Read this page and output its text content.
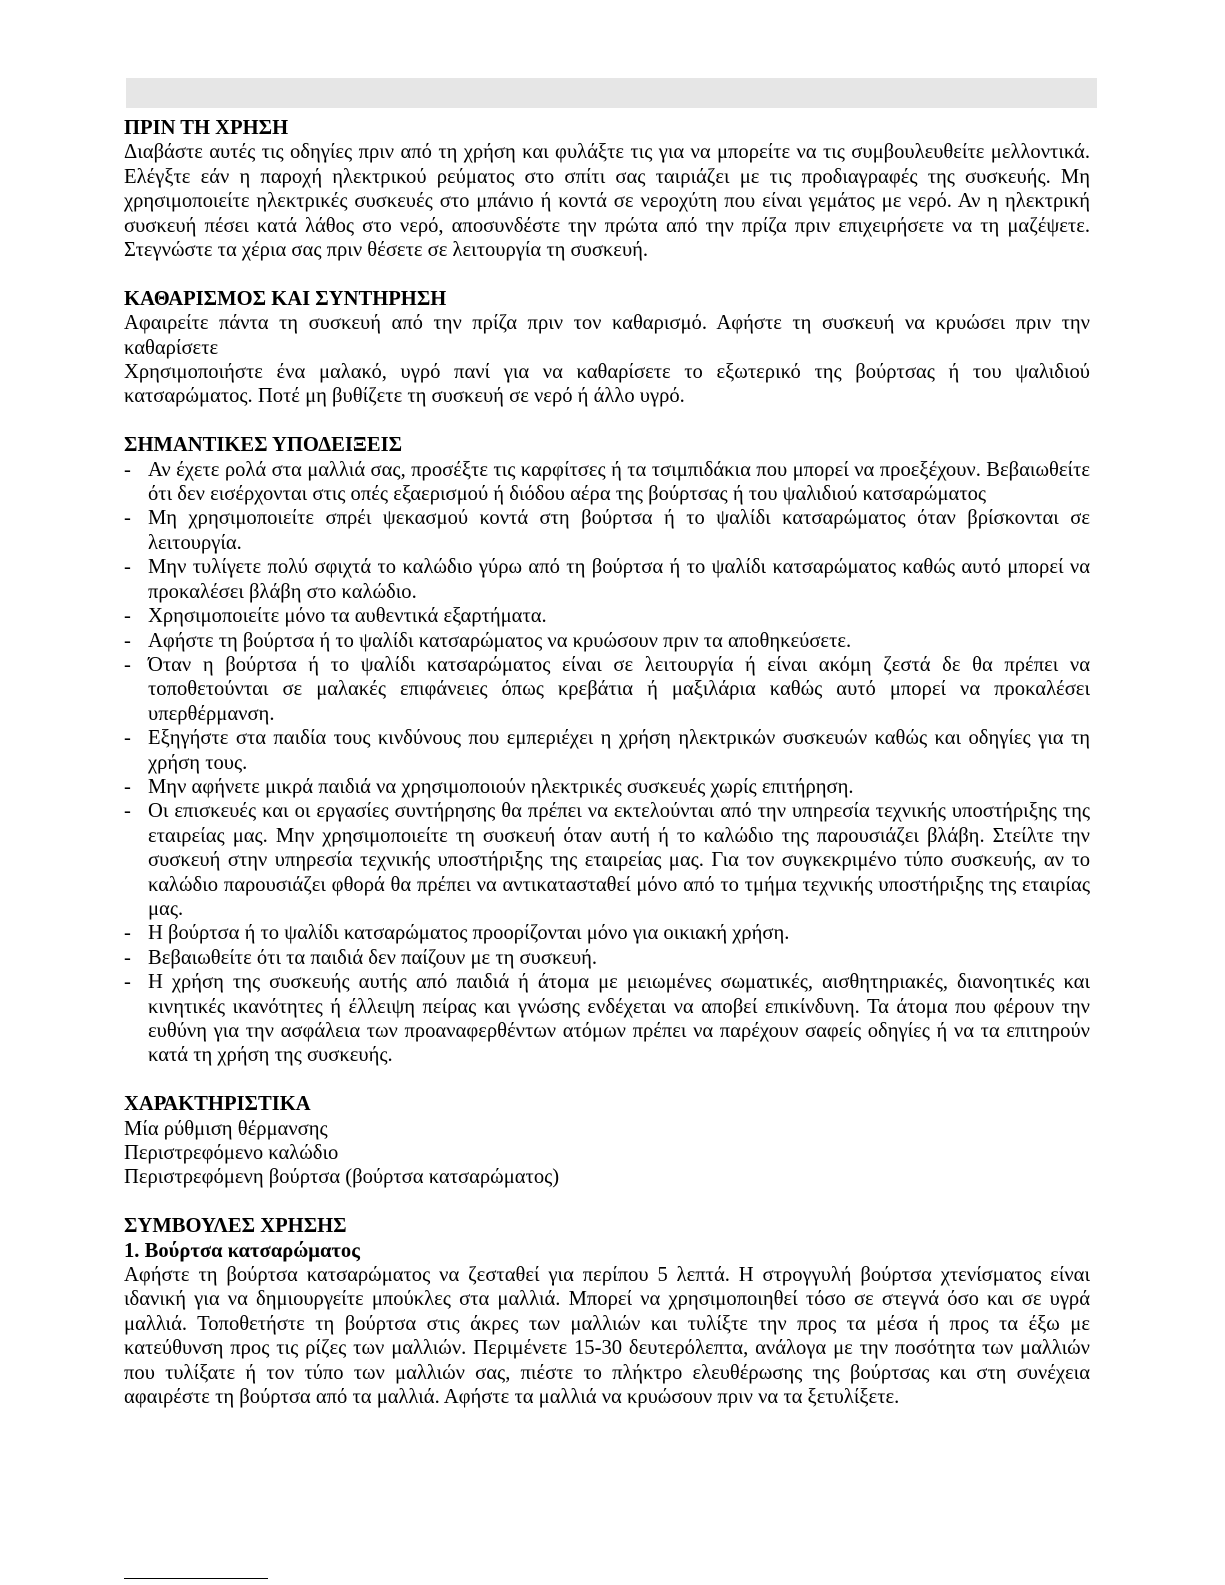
ΠΡΙΝ ΤΗ ΧΡΗΣΗ

Διαβάστε αυτές τις οδηγίες πριν από τη χρήση και φυλάξτε τις για να μπορείτε να τις συμβουλευθείτε μελλοντικά. Ελέγξτε εάν η παροχή ηλεκτρικού ρεύματος στο σπίτι σας ταιριάζει με τις προδιαγραφές της συσκευής. Μη χρησιμοποιείτε ηλεκτρικές συσκευές στο μπάνιο ή κοντά σε νεροχύτη που είναι γεμάτος με νερό. Αν η ηλεκτρική συσκευή πέσει κατά λάθος στο νερό, αποσυνδέστε την πρώτα από την πρίζα πριν επιχειρήσετε να τη μαζέψετε. Στεγνώστε τα χέρια σας πριν θέσετε σε λειτουργία τη συσκευή.

ΚΑΘΑΡΙΣΜΟΣ ΚΑΙ ΣΥΝΤΗΡΗΣΗ

Αφαιρείτε πάντα τη συσκευή από την πρίζα πριν τον καθαρισμό. Αφήστε τη συσκευή να κρυώσει πριν την καθαρίσετε

Χρησιμοποιήστε ένα μαλακό, υγρό πανί για να καθαρίσετε το εξωτερικό της βούρτσας ή του ψαλιδιού κατσαρώματος. Ποτέ μη βυθίζετε τη συσκευή σε νερό ή άλλο υγρό.

ΣΗΜΑΝΤΙΚΕΣ ΥΠΟΔΕΙΞΕΙΣ
- Αν έχετε ρολά στα μαλλιά σας, προσέξτε τις καρφίτσες ή τα τσιμπιδάκια που μπορεί να προεξέχουν. Βεβαιωθείτε ότι δεν εισέρχονται στις οπές εξαερισμού ή διόδου αέρα της βούρτσας ή του ψαλιδιού κατσαρώματος
- Μη χρησιμοποιείτε σπρέι ψεκασμού κοντά στη βούρτσα ή το ψαλίδι κατσαρώματος όταν βρίσκονται σε λειτουργία.
- Μην τυλίγετε πολύ σφιχτά το καλώδιο γύρω από τη βούρτσα ή το ψαλίδι κατσαρώματος καθώς αυτό μπορεί να προκαλέσει βλάβη στο καλώδιο.
- Χρησιμοποιείτε μόνο τα αυθεντικά εξαρτήματα.
- Αφήστε τη βούρτσα ή το ψαλίδι κατσαρώματος να κρυώσουν πριν τα αποθηκεύσετε.
- Όταν η βούρτσα ή το ψαλίδι κατσαρώματος είναι σε λειτουργία ή είναι ακόμη ζεστά δε θα πρέπει να τοποθετούνται σε μαλακές επιφάνειες όπως κρεβάτια ή μαξιλάρια καθώς αυτό μπορεί να προκαλέσει υπερθέρμανση.
- Εξηγήστε στα παιδία τους κινδύνους που εμπεριέχει η χρήση ηλεκτρικών συσκευών καθώς και οδηγίες για τη χρήση τους.
- Μην αφήνετε μικρά παιδιά να χρησιμοποιούν ηλεκτρικές συσκευές χωρίς επιτήρηση.
- Οι επισκευές και οι εργασίες συντήρησης θα πρέπει να εκτελούνται από την υπηρεσία τεχνικής υποστήριξης της εταιρείας μας. Μην χρησιμοποιείτε τη συσκευή όταν αυτή ή το καλώδιο της παρουσιάζει βλάβη. Στείλτε την συσκευή στην υπηρεσία τεχνικής υποστήριξης της εταιρείας μας. Για τον συγκεκριμένο τύπο συσκευής, αν το καλώδιο παρουσιάζει φθορά θα πρέπει να αντικατασταθεί μόνο από το τμήμα τεχνικής υποστήριξης της εταιρίας μας.
- Η βούρτσα ή το ψαλίδι κατσαρώματος προορίζονται μόνο για οικιακή χρήση.
- Βεβαιωθείτε ότι τα παιδιά δεν παίζουν με τη συσκευή.
- Η χρήση της συσκευής αυτής από παιδιά ή άτομα με μειωμένες σωματικές, αισθητηριακές, διανοητικές και κινητικές ικανότητες ή έλλειψη πείρας και γνώσης ενδέχεται να αποβεί επικίνδυνη. Τα άτομα που φέρουν την ευθύνη για την ασφάλεια των προαναφερθέντων ατόμων πρέπει να παρέχουν σαφείς οδηγίες ή να τα επιτηρούν κατά τη χρήση της συσκευής.
ΧΑΡΑΚΤΗΡΙΣΤΙΚΑ
Μία ρύθμιση θέρμανσης
Περιστρεφόμενο καλώδιο
Περιστρεφόμενη βούρτσα (βούρτσα κατσαρώματος)
ΣΥΜΒΟΥΛΕΣ ΧΡΗΣΗΣ
1. Βούρτσα κατσαρώματος

Αφήστε τη βούρτσα κατσαρώματος να ζεσταθεί για περίπου 5 λεπτά. Η στρογγυλή βούρτσα χτενίσματος είναι ιδανική για να δημιουργείτε μπούκλες στα μαλλιά. Μπορεί να χρησιμοποιηθεί τόσο σε στεγνά όσο και σε υγρά μαλλιά. Τοποθετήστε τη βούρτσα στις άκρες των μαλλιών και τυλίξτε την προς τα μέσα ή προς τα έξω με κατεύθυνση προς τις ρίζες των μαλλιών. Περιμένετε 15-30 δευτερόλεπτα, ανάλογα με την ποσότητα των μαλλιών που τυλίξατε ή τον τύπο των μαλλιών σας, πιέστε το πλήκτρο ελευθέρωσης της βούρτσας και στη συνέχεια αφαιρέστε τη βούρτσα από τα μαλλιά. Αφήστε τα μαλλιά να κρυώσουν πριν να τα ξετυλίξετε.
